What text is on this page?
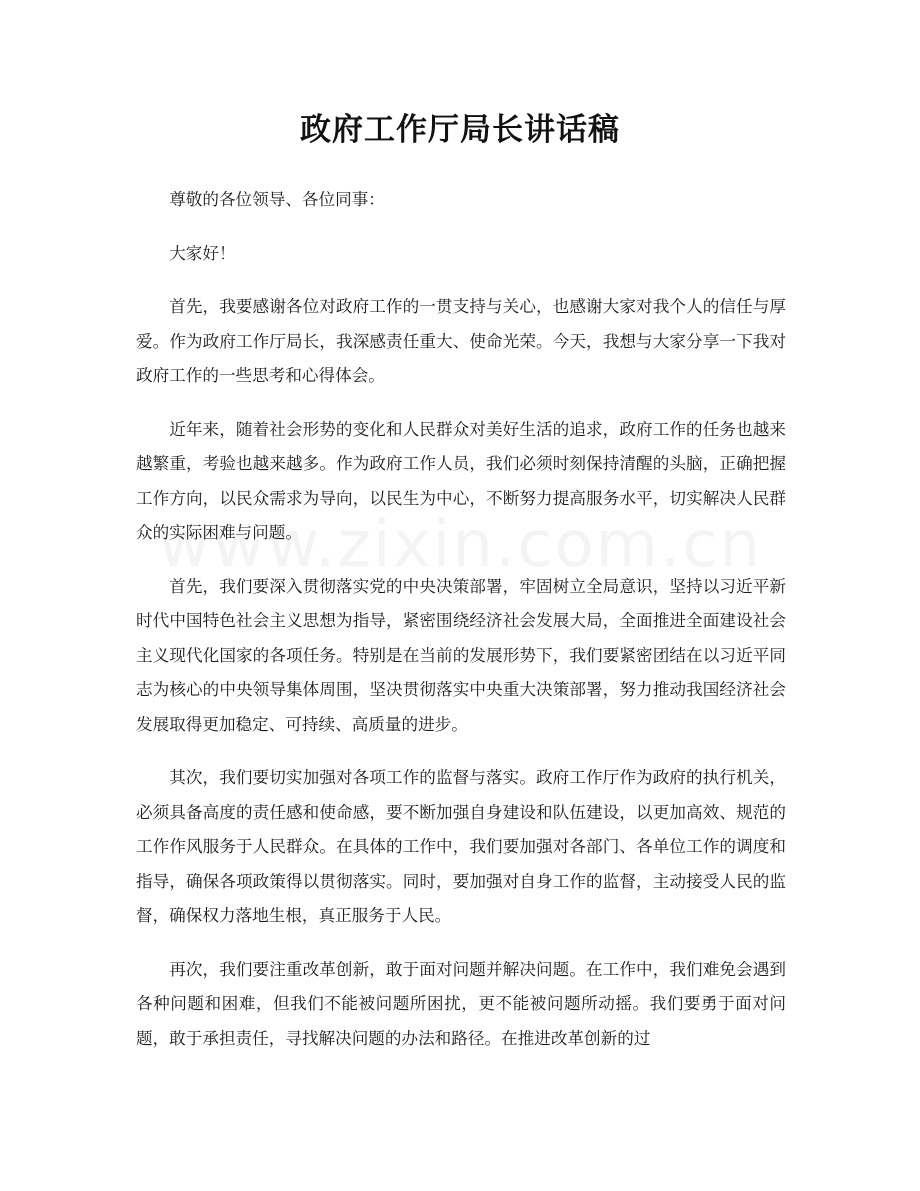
政府工作厅局长讲话稿

尊敬的各位领导、各位同事：

大家好！

首先，我要感谢各位对政府工作的一贯支持与关心，也感谢大家对我个人的信任与厚爱。作为政府工作厅局长，我深感责任重大、使命光荣。今天，我想与大家分享一下我对政府工作的一些思考和心得体会。

近年来，随着社会形势的变化和人民群众对美好生活的追求，政府工作的任务也越来越繁重，考验也越来越多。作为政府工作人员，我们必须时刻保持清醒的头脑，正确把握工作方向，以民众需求为导向，以民生为中心，不断努力提高服务水平，切实解决人民群众的实际困难与问题。

首先，我们要深入贯彻落实党的中央决策部署，牢固树立全局意识，坚持以习近平新时代中国特色社会主义思想为指导，紧密围绕经济社会发展大局，全面推进全面建设社会主义现代化国家的各项任务。特别是在当前的发展形势下，我们要紧密团结在以习近平同志为核心的中央领导集体周围，坚决贯彻落实中央重大决策部署，努力推动我国经济社会发展取得更加稳定、可持续、高质量的进步。

其次，我们要切实加强对各项工作的监督与落实。政府工作厅作为政府的执行机关，必须具备高度的责任感和使命感，要不断加强自身建设和队伍建设，以更加高效、规范的工作作风服务于人民群众。在具体的工作中，我们要加强对各部门、各单位工作的调度和指导，确保各项政策得以贯彻落实。同时，要加强对自身工作的监督，主动接受人民的监督，确保权力落地生根，真正服务于人民。

再次，我们要注重改革创新，敢于面对问题并解决问题。在工作中，我们难免会遇到各种问题和困难，但我们不能被问题所困扰，更不能被问题所动摇。我们要勇于面对问题，敢于承担责任，寻找解决问题的办法和路径。在推进改革创新的过
